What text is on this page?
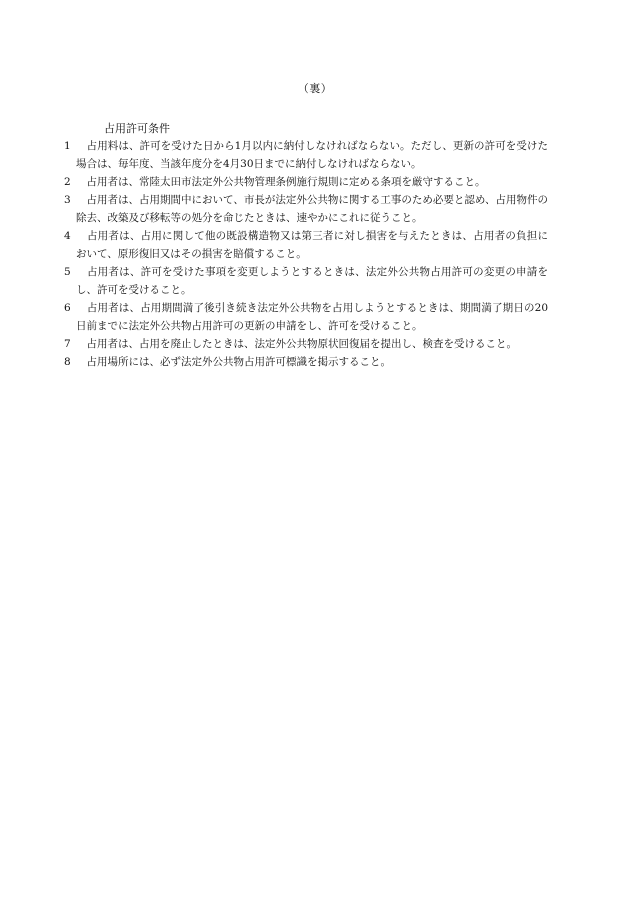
（裏）
占用許可条件
1　占用料は、許可を受けた日から1月以内に納付しなければならない。ただし、更新の許可を受けた場合は、毎年度、当該年度分を4月30日までに納付しなければならない。
2　占用者は、常陸太田市法定外公共物管理条例施行規則に定める条項を厳守すること。
3　占用者は、占用期間中において、市長が法定外公共物に関する工事のため必要と認め、占用物件の除去、改築及び移転等の処分を命じたときは、速やかにこれに従うこと。
4　占用者は、占用に関して他の既設構造物又は第三者に対し損害を与えたときは、占用者の負担において、原形復旧又はその損害を賠償すること。
5　占用者は、許可を受けた事項を変更しようとするときは、法定外公共物占用許可の変更の申請をし、許可を受けること。
6　占用者は、占用期間満了後引き続き法定外公共物を占用しようとするときは、期間満了期日の20日前までに法定外公共物占用許可の更新の申請をし、許可を受けること。
7　占用者は、占用を廃止したときは、法定外公共物原状回復届を提出し、検査を受けること。
8　占用場所には、必ず法定外公共物占用許可標識を掲示すること。
